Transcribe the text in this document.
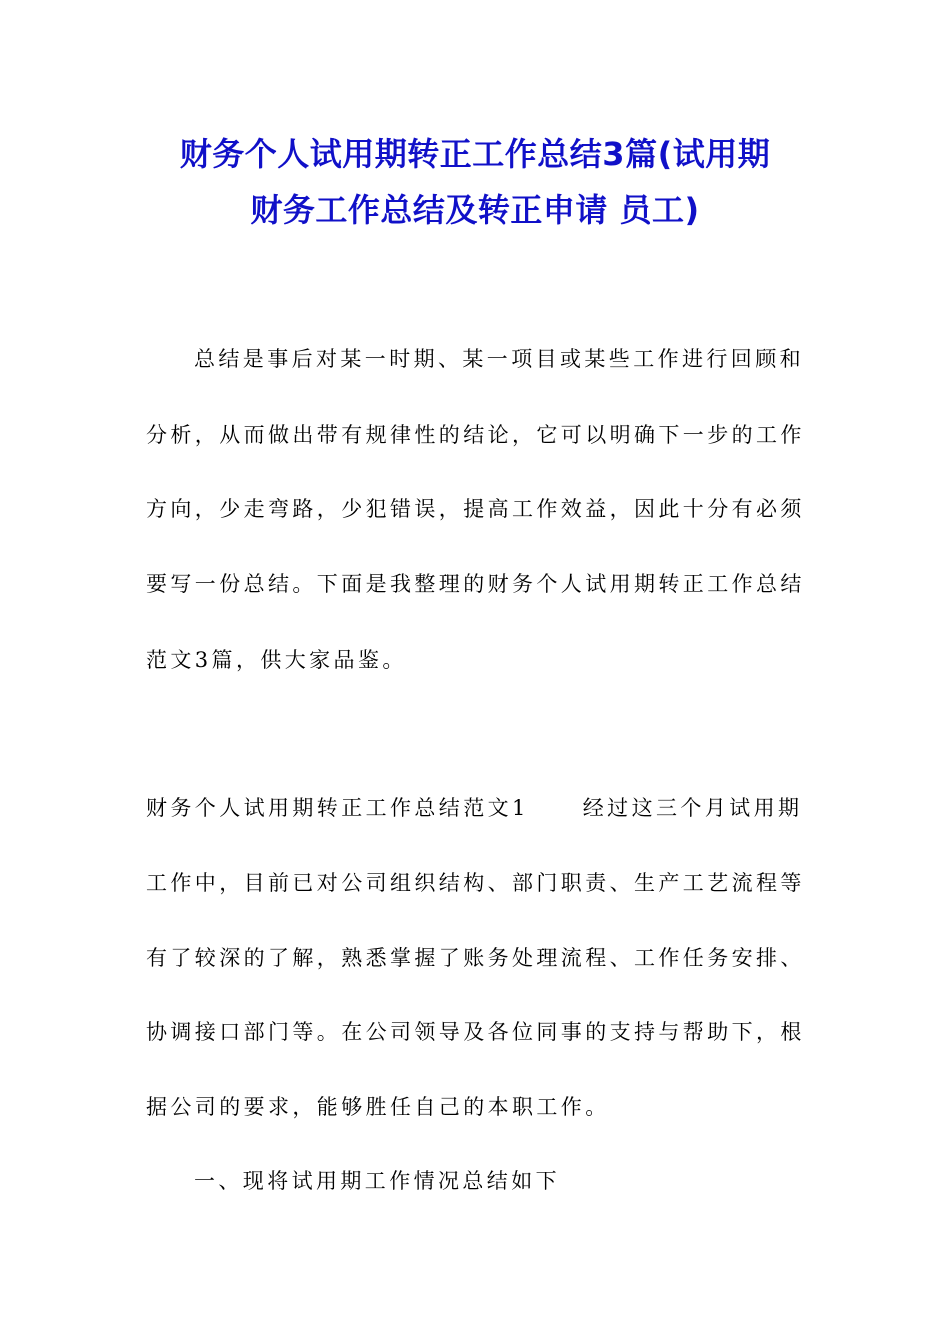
财务个人试用期转正工作总结3篇(试用期
财务工作总结及转正申请 员工)
总结是事后对某一时期、某一项目或某些工作进行回顾和
分析，从而做出带有规律性的结论，它可以明确下一步的工作
方向，少走弯路，少犯错误，提高工作效益，因此十分有必须
要写一份总结。下面是我整理的财务个人试用期转正工作总结
范文3篇，供大家品鉴。
财务个人试用期转正工作总结范文1	经过这三个月试用期
工作中，目前已对公司组织结构、部门职责、生产工艺流程等
有了较深的了解，熟悉掌握了账务处理流程、工作任务安排、
协调接口部门等。在公司领导及各位同事的支持与帮助下，根
据公司的要求，能够胜任自己的本职工作。
一、现将试用期工作情况总结如下
